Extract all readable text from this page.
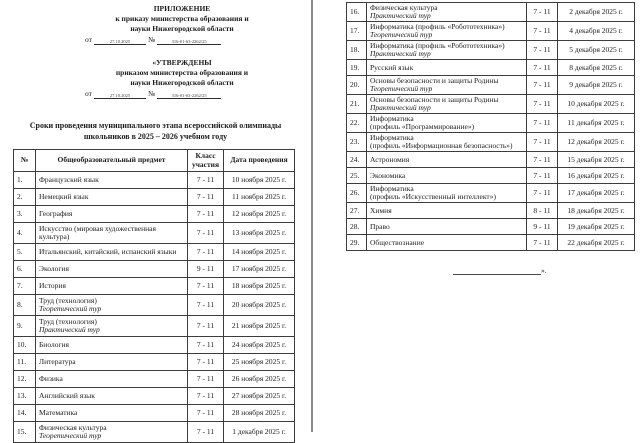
ПРИЛОЖЕНИЕ
к приказу министерства образования и
науки Нижегородской области
от	27.10.2025	№	316-01-63-2262/25
«УТВЕРЖДЕНЫ
приказом министерства образования и
науки Нижегородской области
от	27.10.2025	№	316-01-63-2262/25
Сроки проведения муниципального этапа всероссийской олимпиады
школьников в 2025 – 2026 учебном году
№	Общеобразовательный предмет	Класс участия	Дата проведения
1.	Французский язык	7 - 11	10 ноября 2025 г.
2.	Немецкий язык	7 - 11	11 ноября 2025 г.
3.	География	7 - 11	12 ноября 2025 г.
4.	Искусство (мировая художественная культура)	7 - 11	13 ноября 2025 г.
5.	Итальянский, китайский, испанский языки	7 - 11	14 ноября 2025 г.
6.	Экология	9 - 11	17 ноября 2025 г.
7.	История	7 - 11	18 ноября 2025 г.
8.	Труд (технология)
Теоретический тур	7 - 11	20 ноября 2025 г.
9.	Труд (технология)
Практический тур	7 - 11	21 ноября 2025 г.
10.	Биология	7 - 11	24 ноября 2025 г.
11.	Литература	7 - 11	25 ноября 2025 г.
12.	Физика	7 - 11	26 ноября 2025 г.
13.	Английский язык	7 - 11	27 ноября 2025 г.
14.	Математика	7 - 11	28 ноября 2025 г.
15.	Физическая культура
Теоретический тур	7 - 11	1 декабря 2025 г.
16.	Физическая культура
Практический тур	7 - 11	2 декабря 2025 г.
17.	Информатика (профиль «Робототехника»)
Теоретический тур	7 - 11	4 декабря 2025 г.
18.	Информатика (профиль «Робототехника»)
Практический тур	7 - 11	5 декабря 2025 г.
19.	Русский язык	7 - 11	8 декабря 2025 г.
20.	Основы безопасности и защиты Родины
Теоретический тур	7 - 11	9 декабря 2025 г.
21.	Основы безопасности и защиты Родины
Практический тур	7 - 11	10 декабря 2025 г.
22.	Информатика
(профиль «Программирование»)	7 - 11	11 декабря 2025 г.
23.	Информатика
(профиль «Информационная безопасность»)	7 - 11	12 декабря 2025 г.
24.	Астрономия	7 - 11	15 декабря 2025 г.
25.	Экономика	7 - 11	16 декабря 2025 г.
26.	Информатика
(профиль «Искусственный интеллект»)	7 - 11	17 декабря 2025 г.
27.	Химия	8 - 11	18 декабря 2025 г.
28.	Право	9 - 11	19 декабря 2025 г.
29.	Обществознание	7 - 11	22 декабря 2025 г.
».
